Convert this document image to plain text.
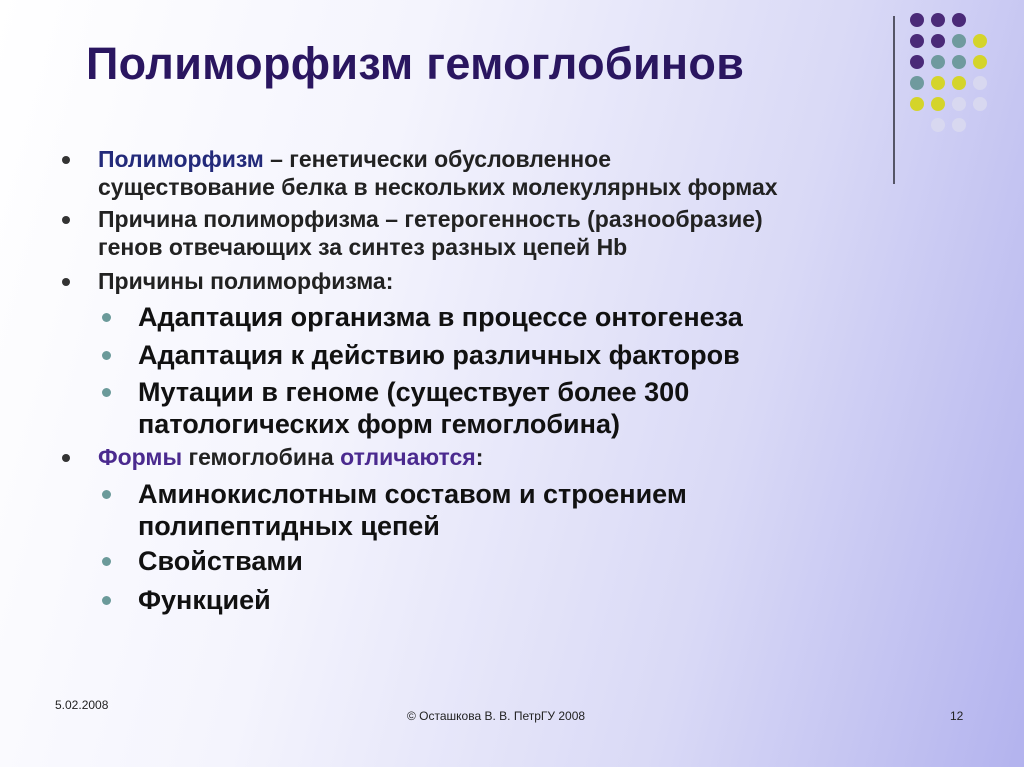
Полиморфизм гемоглобинов
Полиморфизм – генетически обусловленное
существование белка в нескольких молекулярных формах
Причина полиморфизма – гетерогенность (разнообразие)
генов отвечающих за синтез разных цепей Hb
Причины полиморфизма:
Адаптация организма в процессе онтогенеза
Адаптация к действию различных факторов
Мутации в геноме (существует более 300
патологических форм гемоглобина)
Формы гемоглобина отличаются:
Аминокислотным составом и строением
полипептидных цепей
Свойствами
Функцией
5.02.2008
© Осташкова В. В. ПетрГУ 2008	12
